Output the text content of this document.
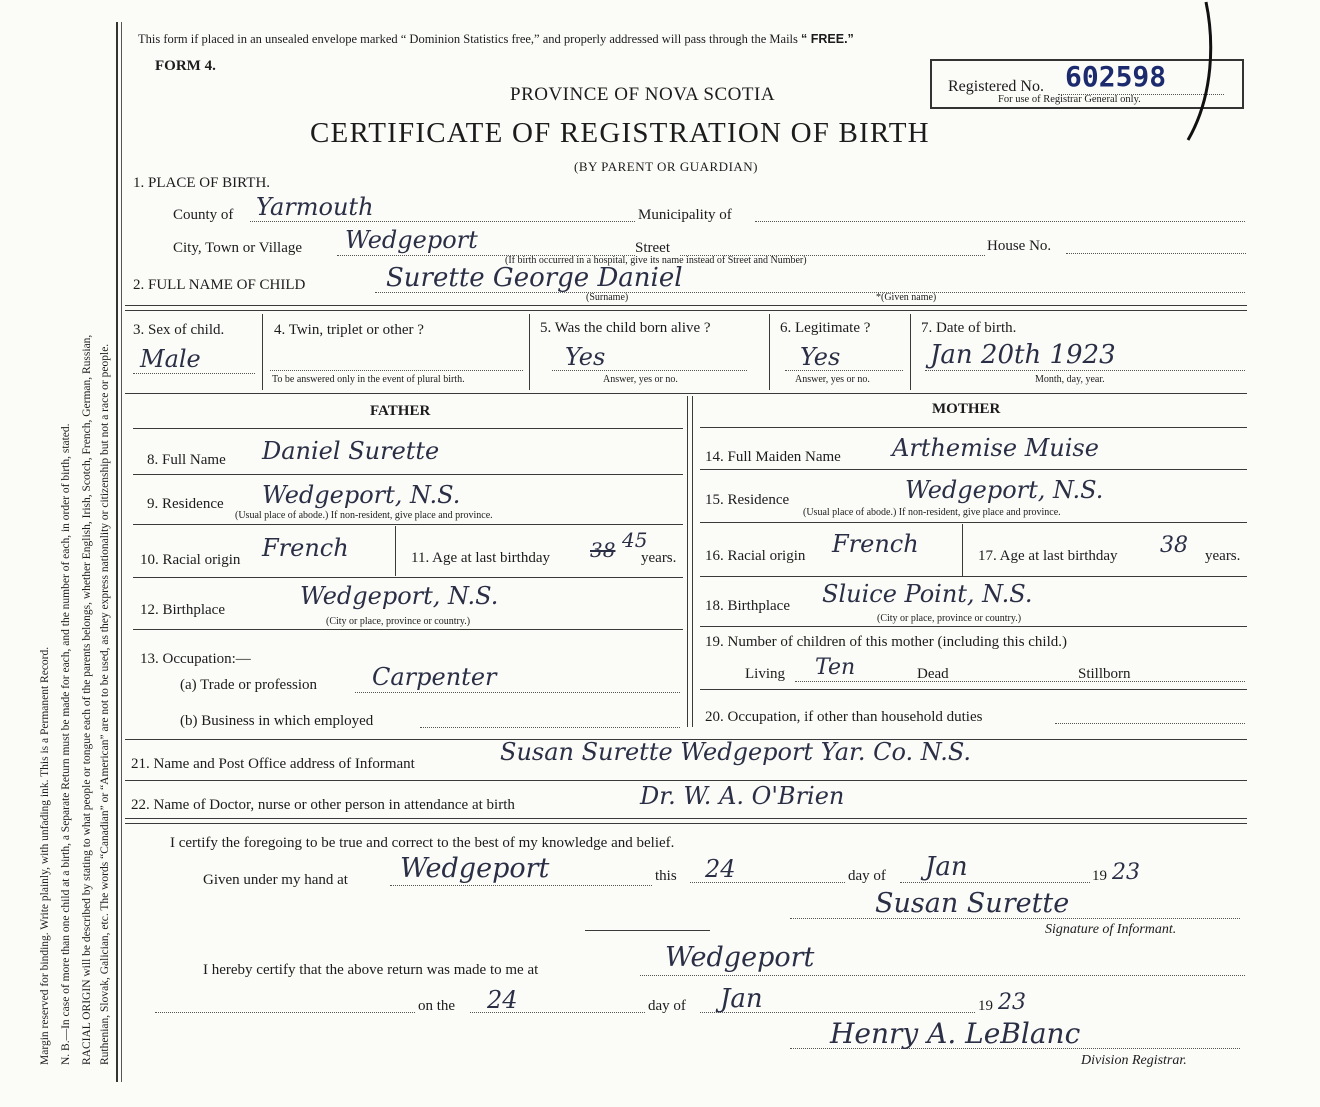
Margin reserved for binding. Write plainly, with unfading ink. This is a Permanent Record. N. B.—In case of more than one child at a birth, a Separate Return must be made for each, and the number of each, in order of birth, stated. RACIAL ORIGIN will be described by stating to what people or tongue each of the parents belongs, whether English, Irish, Scotch, French, German, Russian, Ruthenian, Slovak, Galician, etc. The words “Canadian” or “American” are not to be used, as they express nationality or citizenship but not a race or people.
This form if placed in an unsealed envelope marked “ Dominion Statistics free,” and properly addressed will pass through the Mails “ FREE.”
FORM 4.
PROVINCE OF NOVA SCOTIA
CERTIFICATE OF REGISTRATION OF BIRTH
(BY PARENT OR GUARDIAN)
Registered No. 602598
For use of Registrar General only.
1. PLACE OF BIRTH.
County of Yarmouth	Municipality of
City, Town or Village Wedgeport	Street	House No.
(If birth occurred in a hospital, give its name instead of Street and Number)
2. FULL NAME OF CHILD	Surette George Daniel
(Surname)	*(Given name)
3. Sex of child.
Male
4. Twin, triplet or other ?
To be answered only in the event of plural birth.
5. Was the child born alive ?
Yes
Answer, yes or no.
6. Legitimate ?
Yes
Answer, yes or no.
7. Date of birth.
Jan 20th 1923
Month, day, year.
FATHER	MOTHER
8. Full Name Daniel Surette
9. Residence Wedgeport, N.S.
(Usual place of abode.) If non-resident, give place and province.
10. Racial origin French	11. Age at last birthday 38 45
years.
12. Birthplace	Wedgeport, N.S.
(City or place, province or country.)
13. Occupation:—
(a) Trade or profession Carpenter
(b) Business in which employed
14. Full Maiden Name Arthemise Muise
15. Residence	Wedgeport, N.S.
(Usual place of abode.) If non-resident, give place and province.
16. Racial origin French	17. Age at last birthday 38 years.
18. Birthplace Sluice Point, N.S.
(City or place, province or country.)
19. Number of children of this mother (including this child.)
Living Ten	Dead	Stillborn
20. Occupation, if other than household duties
21. Name and Post Office address of Informant	Susan Surette Wedgeport Yar. Co. N.S.
22. Name of Doctor, nurse or other person in attendance at birth	Dr. W. A. O'Brien
I certify the foregoing to be true and correct to the best of my knowledge and belief.
Given under my hand at Wedgeport	this 24	day of Jan	19 23
Susan Surette
Signature of Informant.
I hereby certify that the above return was made to me at	Wedgeport
on the 24	day of Jan	19 23
Henry A. LeBlanc
Division Registrar.
